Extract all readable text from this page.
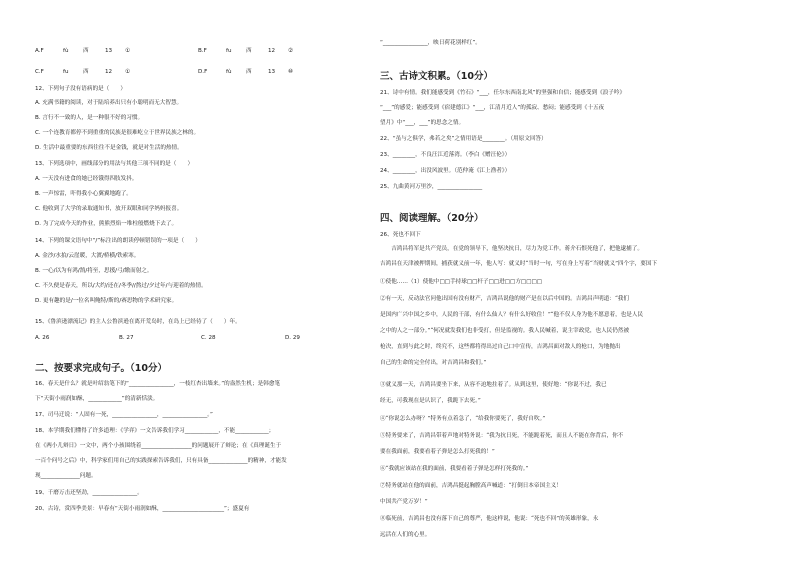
A.F	fù	西	13 ①	B.F	fu	西	12 ②
C.F	fu	西	12 ①	D.F	fù	西	13 ⑩
12、下列句子没有语病的是（　　）
A. 充满书籍的阅读，对于陆培养出只有小聪明而无大智慧。
B. 言行不一致的人，是一种很不好的习惯。
C. 一个连教育都停不到重重的民族是很难屹立于世界民族之林的。
D. 生活中最重要的东西往往不是金钱，就是对生活的热情。
13、下列选项中，画线部分的用法与其他三项不同的是（　　）
A. 一天没有进食的她已经饿得四肢发抖。
B. 一声惊雷，吓得我小心翼翼地跑了。
C. 他收到了大学的录取通知书，放开双眼和同学妈妈报喜。
D. 为了完成今天的作业，熊熊烈焰一堆柱般燃烧下去了。
14、下列的课文语句中“/”标注出的朗读停顿错误的一项是（　　）
A. 金沙/水拍/云崖暖，大渡/桥横/铁索寒。
B. 一心/以为有鸿/鹄/将至，思援/弓/缴而射之。
C. 不久便是春天，所以/大约/还在/冬季//熬过/夕过年/与迎着的热情。
D. 更有趣的是/一位名叫鲍特/斯的/赛思物的学术研究家。
15、《鲁滨逊漂流记》的主人公鲁滨逊在离开荒岛时，在岛上已经待了（　　）年。
A. 26	B. 27	C. 28	D. 29
二、按要求完成句子。（10分）
16、春天是什么？就是叶绍翁笔下的“________________，一枝红杏出墙来。”的盎然生机；是韩愈笔
下“天街小雨润如酥，____________”的清新恬淡。
17、司马迁说：“人固有一死，________________，________________。”
18、本学期我们懂得了许多道理：《学弈》一文告诉我们学习____________，不能____________；
在《两小儿辩日》一文中，两个小孩围绕着__________________的问题展开了辩论；在《真理诞生于
一百个问号之后》中，科学家们用自己的实践探索告诉我们，只有具备______________的精神，才能发
现______________问题。
19、千磨万击还坚劲，________________。
20、古诗，赏四季美景：早春有“天街小雨润如酥，______________________”；盛夏有
“________________，映日荷花别样红”。
三、古诗文积累。（10分）
21、诗中有情。我们能感受到《竹石》“___，任尔东西南北风”的坚强和自信；能感受到《浪子吟》
“___”的感爱；能感受到《宿建德江》“___，江清月近人”的孤寂、愁闷；能感受到《十五夜
望月》中“___，___”的思念之情。
22、“虽与之俱学，弗若之矣”之情用语是________。（用原文回答）
23、________，不良汪江近落湾。（李白《赠汪伦》）
24、________，出没风波里。（范仲淹《江上渔者》）
25、九曲黄河万里沙，________________
四、阅读理解。（20分）
26、死也不回下
　　吉鸿昌将军是共产党员，在党的领导下，他坚决抗日，尽力为党工作。蒋介石恨死他了，把他逮捕了。
吉鸿昌在天津被押期间，捕获就义前一年，他人写：就义时“当时一句，写在身上写着“当财就义”四个字，要国下
①使他……（1）使他中□□手持球□□杆子□□进□□方□□□□
②有一天，反动法官问他出国有没有财产，吉鸿昌说他的财产是在以后中国的。吉鸿昌声明道：“我们
是国内广兴中国之乡中，人民的干部，有什么仙人？有什么好收住！”“他不仅人身为他不愿意着，也是人民
之中的人之一部分。”“何况就发我们也非受打，但是监视的。我人民喊着，说主宰政党，也人民仍然被
枪决，直到与此之时，终究不，这些都将得出过自己口中宣传，吉鸿昌面对敌人的枪口，为地抛出
自己的生命的完全付出，对吉鸿昌和我们。”
③就义那一天，吉鸿昌要坐下来，从容不迫地拄着了。从到这里，使好地：“你说不过，我已
经无，可我现在是认识了，我跪下去死。”
④“你说怎么办呀？”特务有点着急了，“给我你要死了，我好自吹。”
⑤特务要来了，吉鸿昌带着声地对特务说：“我为抗日死，不能跪着死，而且人不能在你背后，你不
要在我面前，我要看着子弹是怎么打死我的！”
⑥“我就应该站在我的面前，我要看着子弹是怎样打死我的。”
⑦特务就站在他的面前，吉鸿昌挺起胸膛高声喊道：“打倒日本帝国主义！
中国共产党万岁！”
⑧临死前，吉鸿昌也没有落下自己的尊严，他这样说，他说：“死也不回”的英雄形象，永
远活在人们的心里。
